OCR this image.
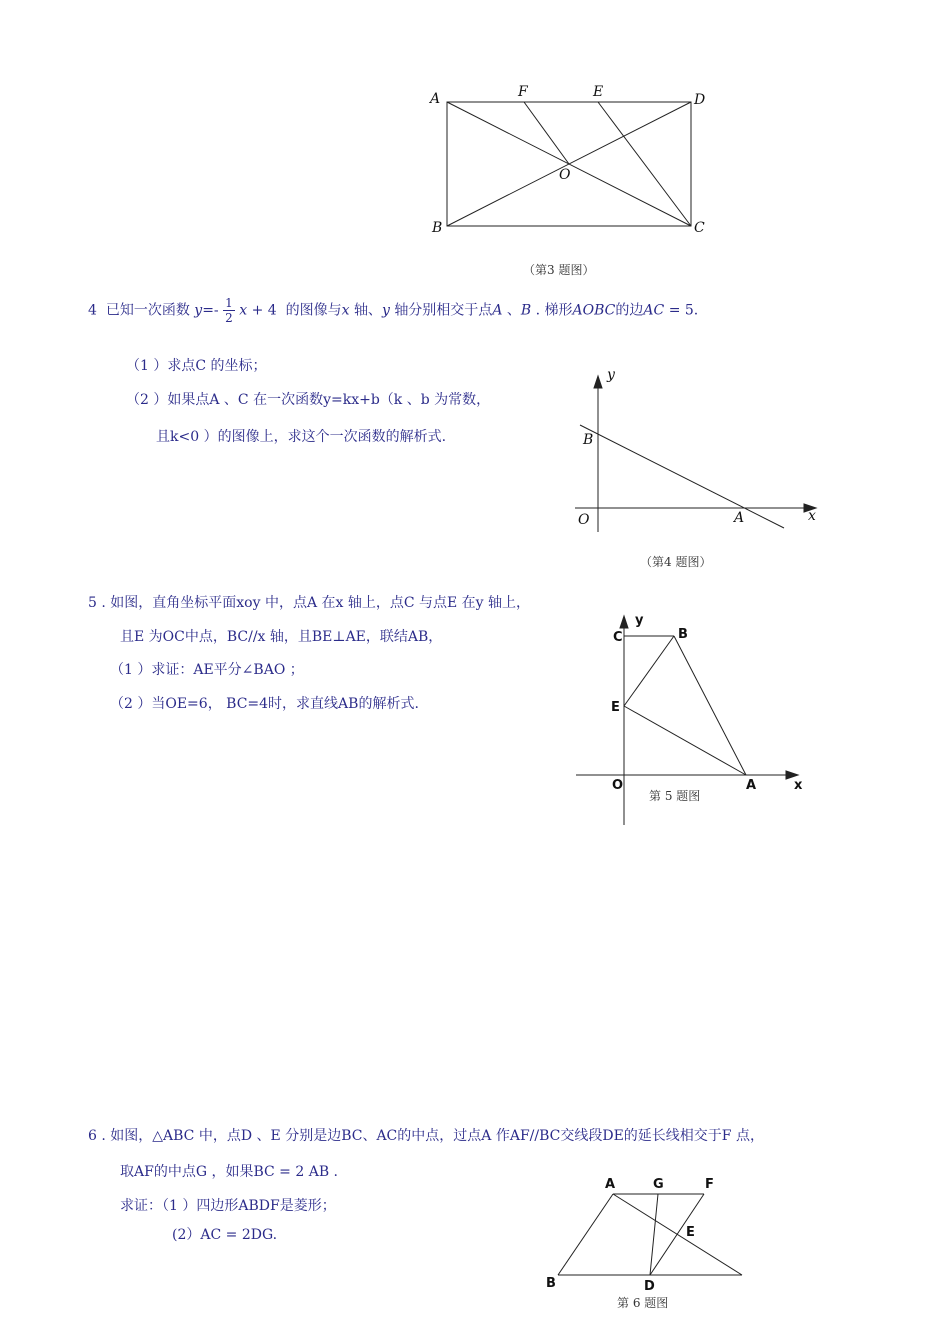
A	F	E	D
O
B	C
（第3 题图）
4 已知一次函数 $y=- \frac{1}{2}$ x + 4 的图像与x 轴、y 轴分别相交于点A 、B . 梯形AOBC的边AC = 5.
（1 ）求点C 的坐标；
（2 ）如果点A 、C 在一次函数y=kx+b（k 、b 为常数，
且k<0 ）的图像上，求这个一次函数的解析式.
y
B
O	A	x
（第4 题图）
5 . 如图，直角坐标平面xoy 中，点A 在x 轴上，点C 与点E 在y 轴上，
且E 为OC中点，BC//x 轴，且BE⊥AE，联结AB，
（1 ）求证：AE平分∠BAO ；
（2 ）当OE=6， BC=4时，求直线AB的解析式.
y
C	B
E
O	A	x
第 5 题图
6 . 如图，△ABC 中，点D 、E 分别是边BC、AC的中点，过点A 作AF//BC交线段DE的延长线相交于F 点，
取AF的中点G ，如果BC = 2 AB .
求证：（1 ）四边形ABDF是菱形；
(2）AC = 2DG.
A	G	F
E
B	D
第 6 题图
